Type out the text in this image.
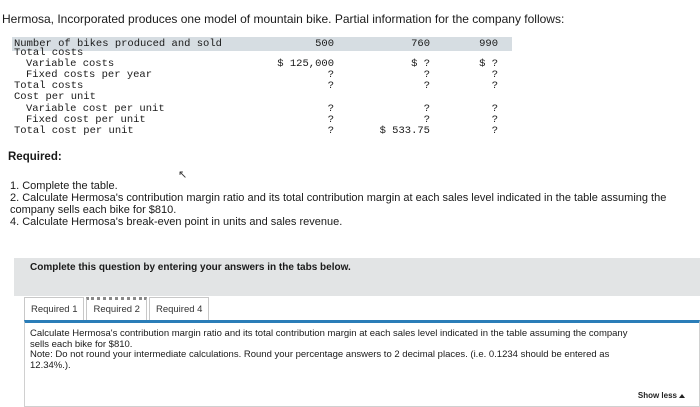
Hermosa, Incorporated produces one model of mountain bike. Partial information for the company follows:
Number of bikes produced and sold	500	760	990
Total costs
Variable costs	$ 125,000	$ ?	$ ?
Fixed costs per year	?	?	?
Total costs	?	?	?
Cost per unit
Variable cost per unit	?	?	?
Fixed cost per unit	?	?	?
Total cost per unit	?	$ 533.75	?
Required:
↖

1. Complete the table.

2. Calculate Hermosa's contribution margin ratio and its total contribution margin at each sales level indicated in the table assuming the company sells each bike for $810.

4. Calculate Hermosa's break-even point in units and sales revenue.

Complete this question by entering your answers in the tabs below.
Required 1	Required 2	Required 4

Calculate Hermosa's contribution margin ratio and its total contribution margin at each sales level indicated in the table assuming the company sells each bike for $810.

Note: Do not round your intermediate calculations. Round your percentage answers to 2 decimal places. (i.e. 0.1234 should be entered as 12.34%.).

Show less
